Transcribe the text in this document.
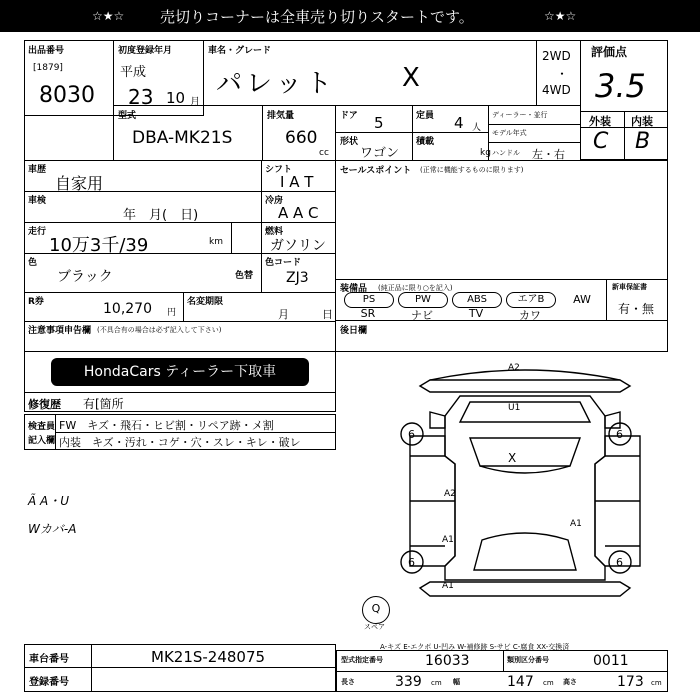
☆★☆ 売切りコーナーは全車売り切りスタートです。	☆★☆
出品番号
[1879]
8030
初度登録年月
平成
23 10 月
車名・グレード
パレット	X
2WD
・
4WD
評価点
3.5
外装 内装
C B
型式
DBA-MK21S
排気量
660
cc
ドア 5	定員 4 人
形状
ワゴン
積載
kg
ディーラー・並行
モデル年式
ハンドル 左・右
車歴
自家用
シフト
I A T
セールスポイント (正常に機能するものに限ります)
車検
年　月(　日)
冷房
A A C
走行
10万3千/39	km
燃料
ガソリン
色
ブラック	色替
色コード
ZJ3
装備品 (純正品に限り○を記入)	新車保証書
有・無
PS	PW	ABS	エアB	AW
SR	ナビ	TV	カワ
R券	10,270 円
名変期限
月	日
注意事項申告欄 (不具合有の場合は必ず記入して下さい)
HondaCars ティーラー下取車
後日欄
修復歴 有[箇所
検査員
記入欄
FW　キズ・飛石・ヒビ割・リペア跡・メ割
内装　キズ・汚れ・コゲ・穴・スレ・キレ・破レ
Ã A・U
Wカバ-A
A2
U1
X
A2
A1
A1
A1
6	6
6	6
Q
スペア
A-キズ E-エクボ U-凹み W-補修跡 S-サビ C-腐食 XX-交換済
車台番号	MK21S-248075
登録番号
型式指定番号	16033	類別区分番号	0011
長さ	339 cm 幅	147 cm 高さ	173 cm
